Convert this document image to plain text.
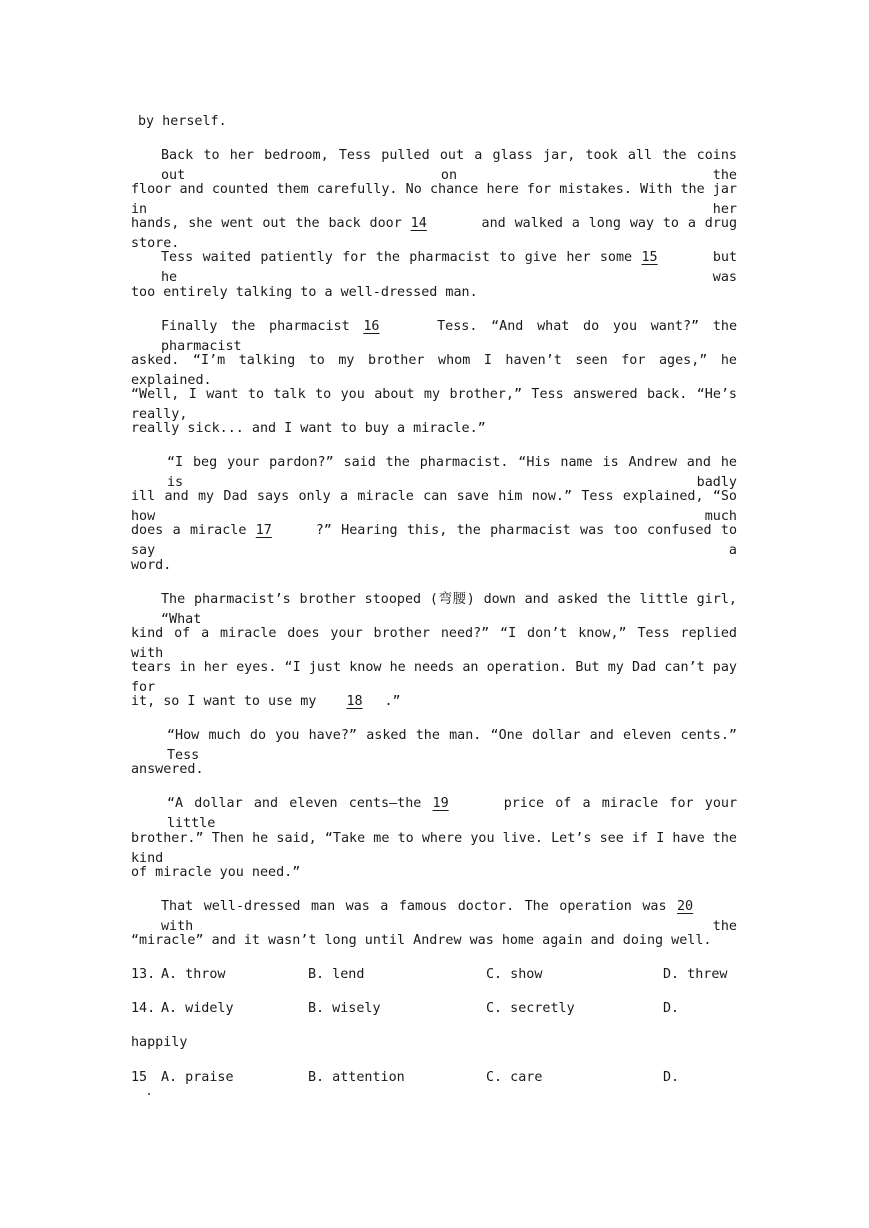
by herself.
Back to her bedroom, Tess pulled out a glass jar, took all the coins out on the
floor and counted them carefully. No chance here for mistakes. With the jar in her
hands, she went out the back door 14	and walked a long way to a drug store.
Tess waited patiently for the pharmacist to give her some 15	but he was
too entirely talking to a well-dressed man.
Finally the pharmacist 16	Tess. “And what do you want?” the pharmacist
asked. “I’m talking to my brother whom I haven’t seen for ages,” he explained.
“Well, I want to talk to you about my brother,” Tess answered back. “He’s really,
really sick... and I want to buy a miracle.”
“I beg your pardon?” said the pharmacist. “His name is Andrew and he is badly
ill and my Dad says only a miracle can save him now.” Tess explained, “So how much
does a miracle 17	?” Hearing this, the pharmacist was too confused to say a
word.
The pharmacist’s brother stooped (弯腰) down and asked the little girl, “What
kind of a miracle does your brother need?” “I don’t know,” Tess replied with
tears in her eyes. “I just know he needs an operation. But my Dad can’t pay for
it, so I want to use my 18 .”
“How much do you have?” asked the man. “One dollar and eleven cents.” Tess
answered.
“A dollar and eleven cents—the 19	price of a miracle for your little
brother.” Then he said, “Take me to where you live. Let’s see if I have the kind
of miracle you need.”
That well-dressed man was a famous doctor. The operation was 20 with the
“miracle” and it wasn’t long until Andrew was home again and doing well.
13. A. throw	B. lend	C. show	D. threw
14. A. widely	B. wisely	C. secretly	D.
happily
15 A. praise	B. attention	C. care	D.
